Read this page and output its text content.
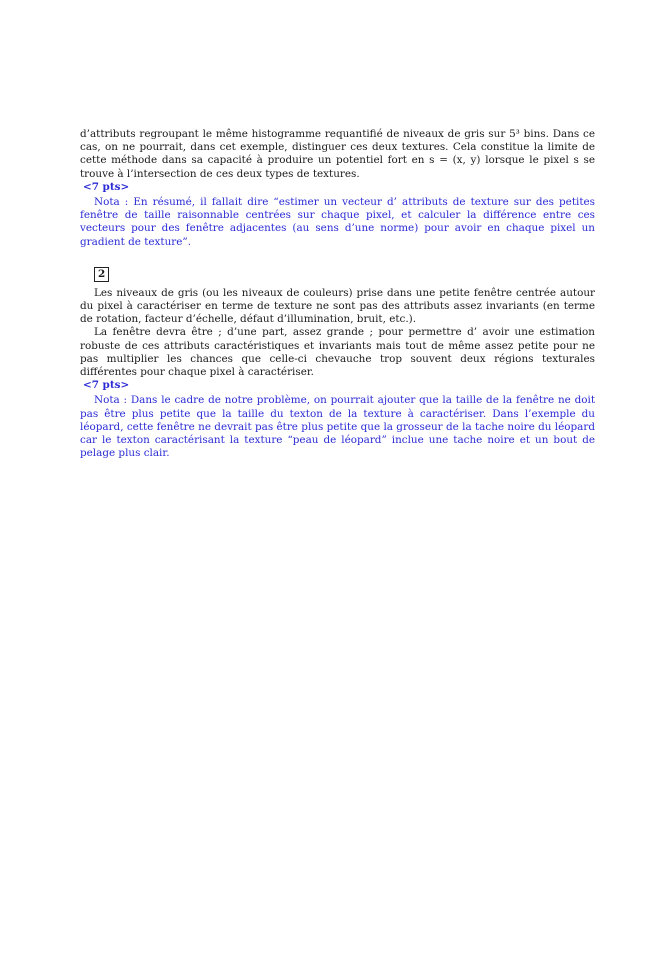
d’attributs regroupant le même histogramme requantifié de niveaux de gris sur 5³ bins. Dans ce cas, on ne pourrait, dans cet exemple, distinguer ces deux textures. Cela constitue la limite de cette méthode dans sa capacité à produire un potentiel fort en s = (x, y) lorsque le pixel s se trouve à l’intersection de ces deux types de textures.

<7 pts>

Nota : En résumé, il fallait dire “estimer un vecteur d’ attributs de texture sur des petites fenêtre de taille raisonnable centrées sur chaque pixel, et calculer la différence entre ces vecteurs pour des fenêtre adjacentes (au sens d’une norme) pour avoir en chaque pixel un gradient de texture”.

2

Les niveaux de gris (ou les niveaux de couleurs) prise dans une petite fenêtre centrée autour du pixel à caractériser en terme de texture ne sont pas des attributs assez invariants (en terme de rotation, facteur d’échelle, défaut d’illumination, bruit, etc.).

La fenêtre devra être ; d’une part, assez grande ; pour permettre d’ avoir une estimation robuste de ces attributs caractéristiques et invariants mais tout de même assez petite pour ne pas multiplier les chances que celle-ci chevauche trop souvent deux régions texturales différentes pour chaque pixel à caractériser.

<7 pts>

Nota : Dans le cadre de notre problème, on pourrait ajouter que la taille de la fenêtre ne doit pas être plus petite que la taille du texton de la texture à caractériser. Dans l’exemple du léopard, cette fenêtre ne devrait pas être plus petite que la grosseur de la tache noire du léopard car le texton caractérisant la texture “peau de léopard” inclue une tache noire et un bout de pelage plus clair.
